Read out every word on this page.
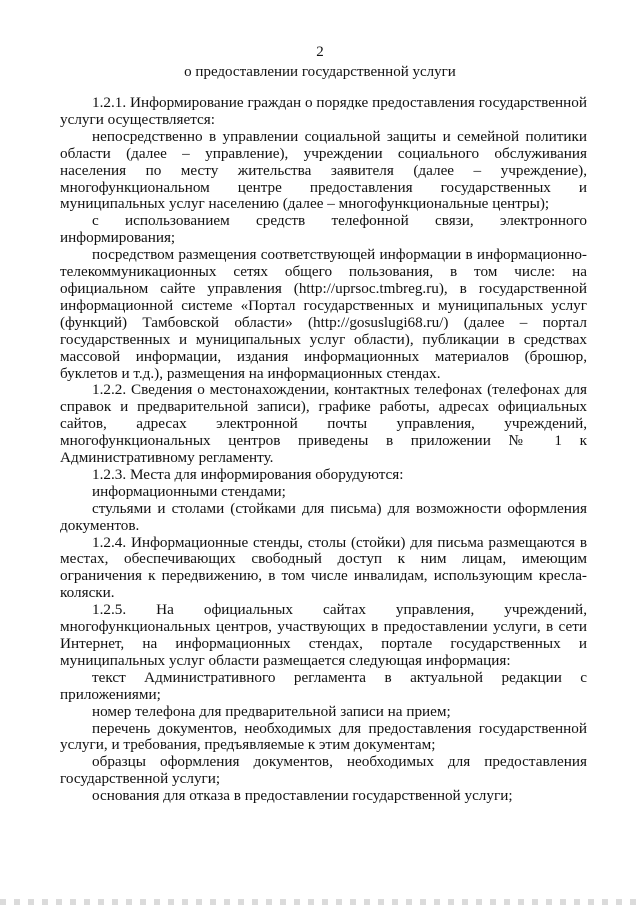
2
о предоставлении государственной услуги

1.2.1. Информирование граждан о порядке предоставления государственной услуги осуществляется:

непосредственно в управлении социальной защиты и семейной политики области (далее – управление), учреждении социального обслуживания населения по месту жительства заявителя (далее – учреждение), многофункциональном центре предоставления государственных и муниципальных услуг населению (далее – многофункциональные центры);

с использованием средств телефонной связи, электронного информирования;

посредством размещения соответствующей информации в информационно-телекоммуникационных сетях общего пользования, в том числе: на официальном сайте управления (http://uprsoc.tmbreg.ru), в государственной информационной системе «Портал государственных и муниципальных услуг (функций) Тамбовской области» (http://gosuslugi68.ru/) (далее – портал государственных и муниципальных услуг области), публикации в средствах массовой информации, издания информационных материалов (брошюр, буклетов и т.д.), размещения на информационных стендах.

1.2.2. Сведения о местонахождении, контактных телефонах (телефонах для справок и предварительной записи), графике работы, адресах официальных сайтов, адресах электронной почты управления, учреждений, многофункциональных центров приведены в приложении № 1 к Административному регламенту.

1.2.3. Места для информирования оборудуются:

информационными стендами;

стульями и столами (стойками для письма) для возможности оформления документов.

1.2.4. Информационные стенды, столы (стойки) для письма размещаются в местах, обеспечивающих свободный доступ к ним лицам, имеющим ограничения к передвижению, в том числе инвалидам, использующим кресла-коляски.

1.2.5. На официальных сайтах управления, учреждений, многофункциональных центров, участвующих в предоставлении услуги, в сети Интернет, на информационных стендах, портале государственных и муниципальных услуг области размещается следующая информация:

текст Административного регламента в актуальной редакции с приложениями;

номер телефона для предварительной записи на прием;

перечень документов, необходимых для предоставления государственной услуги, и требования, предъявляемые к этим документам;

образцы оформления документов, необходимых для предоставления государственной услуги;

основания для отказа в предоставлении государственной услуги;
